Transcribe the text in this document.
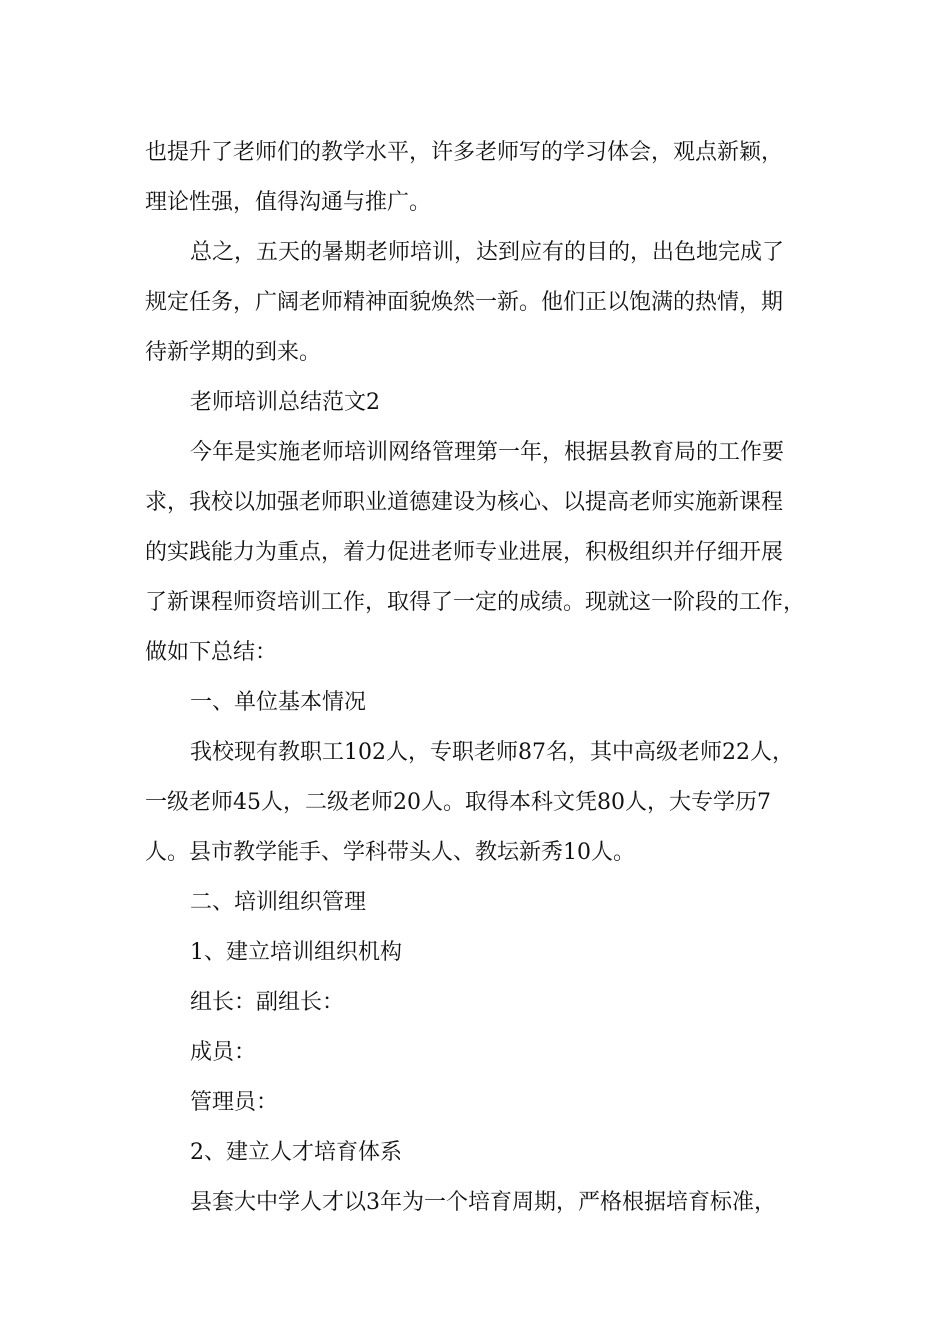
也提升了老师们的教学水平，许多老师写的学习体会，观点新颖，

理论性强，值得沟通与推广。

总之，五天的暑期老师培训，达到应有的目的，出色地完成了

规定任务，广阔老师精神面貌焕然一新。他们正以饱满的热情，期

待新学期的到来。

老师培训总结范文2

今年是实施老师培训网络管理第一年，根据县教育局的工作要

求，我校以加强老师职业道德建设为核心、以提高老师实施新课程

的实践能力为重点，着力促进老师专业进展，积极组织并仔细开展

了新课程师资培训工作，取得了一定的成绩。现就这一阶段的工作，

做如下总结：

一、单位基本情况

我校现有教职工102人，专职老师87名，其中高级老师22人，

一级老师45人，二级老师20人。取得本科文凭80人，大专学历7

人。县市教学能手、学科带头人、教坛新秀10人。

二、培训组织管理

1、建立培训组织机构

组长：副组长：

成员：

管理员：

2、建立人才培育体系

县套大中学人才以3年为一个培育周期，严格根据培育标准，
